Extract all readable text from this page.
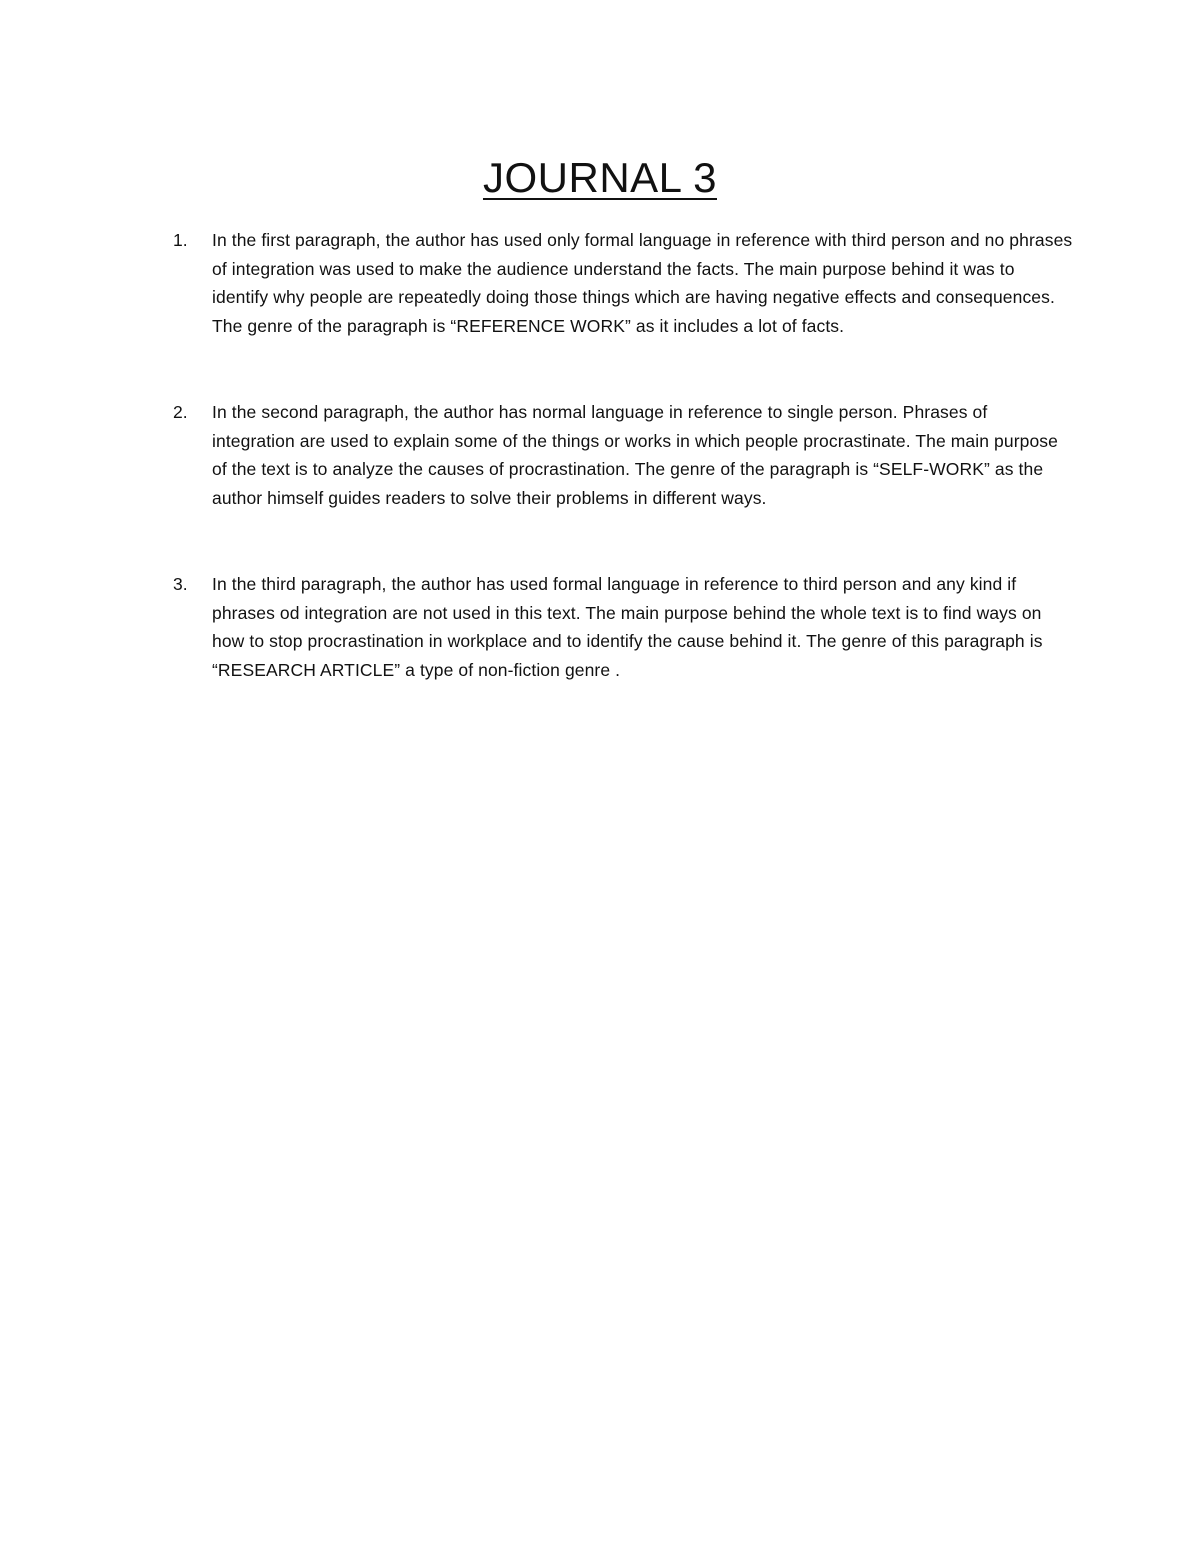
JOURNAL 3
1.	In the first paragraph, the author has used only formal language in reference with third person and no phrases of integration was used to make the audience understand the facts. The main purpose behind it was to identify why people are repeatedly doing those things which are having negative effects and consequences. The genre of the paragraph is “REFERENCE WORK” as it includes a lot of facts.
2.	In the second paragraph, the author has normal language in reference to single person. Phrases of integration are used to explain some of the things or works in which people procrastinate. The main purpose of the text is to analyze the causes of procrastination. The genre of the paragraph is “SELF-WORK” as the author himself guides readers to solve their problems in different ways.
3.	In the third paragraph, the author has used formal language in reference to third person and any kind if phrases od integration are not used in this text. The main purpose behind the whole text is to find ways on how to stop procrastination in workplace and to identify the cause behind it. The genre of this paragraph is “RESEARCH ARTICLE” a type of non-fiction genre .
